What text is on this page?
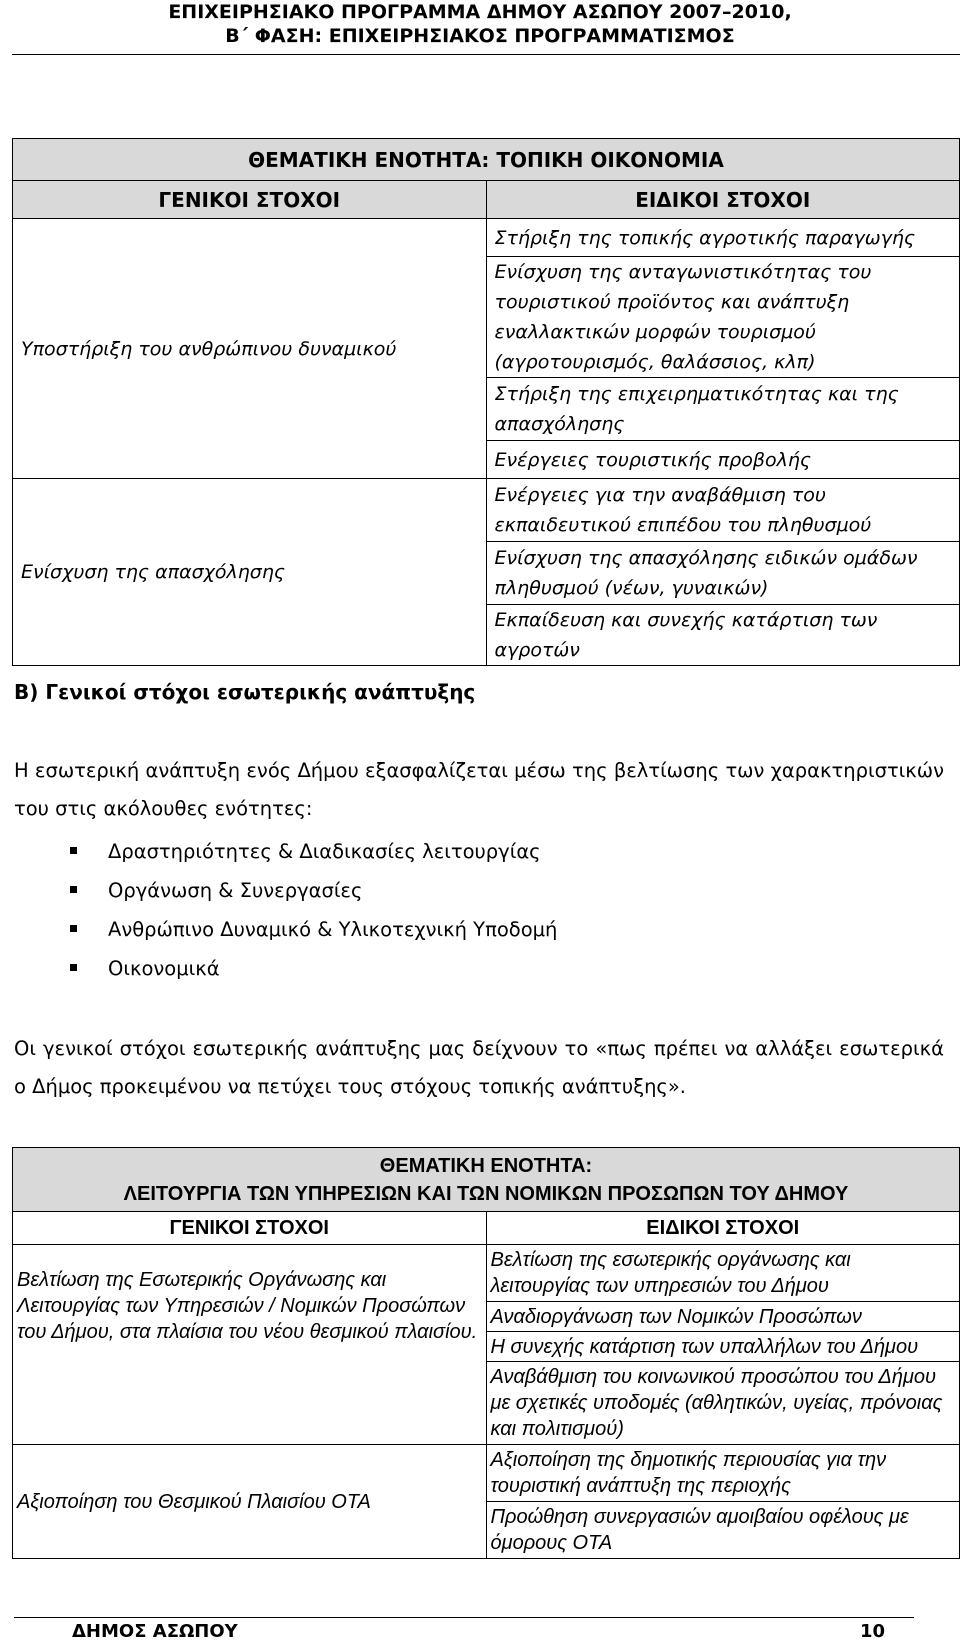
ΕΠΙΧΕΙΡΗΣΙΑΚΟ ΠΡΟΓΡΑΜΜΑ ΔΗΜΟΥ ΑΣΩΠΟΥ 2007–2010,
Β΄ ΦΑΣΗ: ΕΠΙΧΕΙΡΗΣΙΑΚΟΣ ΠΡΟΓΡΑΜΜΑΤΙΣΜΟΣ
ΘΕΜΑΤΙΚΗ ΕΝΟΤΗΤΑ: ΤΟΠΙΚΗ ΟΙΚΟΝΟΜΙΑ	
ΓΕΝΙΚΟΙ ΣΤΟΧΟΙ	ΕΙΔΙΚΟΙ ΣΤΟΧΟΙ
Υποστήριξη του ανθρώπινου δυναμικού	Στήριξη της τοπικής αγροτικής παραγωγής
	Ενίσχυση της ανταγωνιστικότητας του τουριστικού προϊόντος και ανάπτυξη εναλλακτικών μορφών τουρισμού (αγροτουρισμός, θαλάσσιος, κλπ)
	Στήριξη της επιχειρηματικότητας και της απασχόλησης
	Ενέργειες τουριστικής προβολής
Ενίσχυση της απασχόλησης	Ενέργειες για την αναβάθμιση του εκπαιδευτικού επιπέδου του πληθυσμού
	Ενίσχυση της απασχόλησης ειδικών ομάδων πληθυσμού (νέων, γυναικών)
	Εκπαίδευση και συνεχής κατάρτιση των αγροτών
Β) Γενικοί στόχοι εσωτερικής ανάπτυξης
Η εσωτερική ανάπτυξη ενός Δήμου εξασφαλίζεται μέσω της βελτίωσης των χαρακτηριστικών του στις ακόλουθες ενότητες:
Δραστηριότητες & Διαδικασίες λειτουργίας
Οργάνωση & Συνεργασίες
Ανθρώπινο Δυναμικό & Υλικοτεχνική Υποδομή
Οικονομικά
Οι γενικοί στόχοι εσωτερικής ανάπτυξης μας δείχνουν το «πως πρέπει να αλλάξει εσωτερικά ο Δήμος προκειμένου να πετύχει τους στόχους τοπικής ανάπτυξης».
ΘΕΜΑΤΙΚΗ ΕΝΟΤΗΤΑ:
ΛΕΙΤΟΥΡΓΙΑ ΤΩΝ ΥΠΗΡΕΣΙΩΝ ΚΑΙ ΤΩΝ ΝΟΜΙΚΩΝ ΠΡΟΣΩΠΩΝ ΤΟΥ ΔΗΜΟΥ	

ΓΕΝΙΚΟΙ ΣΤΟΧΟΙ	ΕΙΔΙΚΟΙ ΣΤΟΧΟΙ
Βελτίωση της Εσωτερικής Οργάνωσης και Λειτουργίας των Υπηρεσιών / Νομικών Προσώπων του Δήμου, στα πλαίσια του νέου θεσμικού πλαισίου.	Βελτίωση της εσωτερικής οργάνωσης και λειτουργίας των υπηρεσιών του Δήμου
	Αναδιοργάνωση των Νομικών Προσώπων
	Η συνεχής κατάρτιση των υπαλλήλων του Δήμου
	Αναβάθμιση του κοινωνικού προσώπου του Δήμου με σχετικές υποδομές (αθλητικών, υγείας, πρόνοιας και πολιτισμού)
Αξιοποίηση του Θεσμικού Πλαισίου ΟΤΑ	Αξιοποίηση της δημοτικής περιουσίας για την τουριστική ανάπτυξη της περιοχής
	Προώθηση συνεργασιών αμοιβαίου οφέλους με όμορους ΟΤΑ
ΔΗΜΟΣ ΑΣΩΠΟΥ	10
